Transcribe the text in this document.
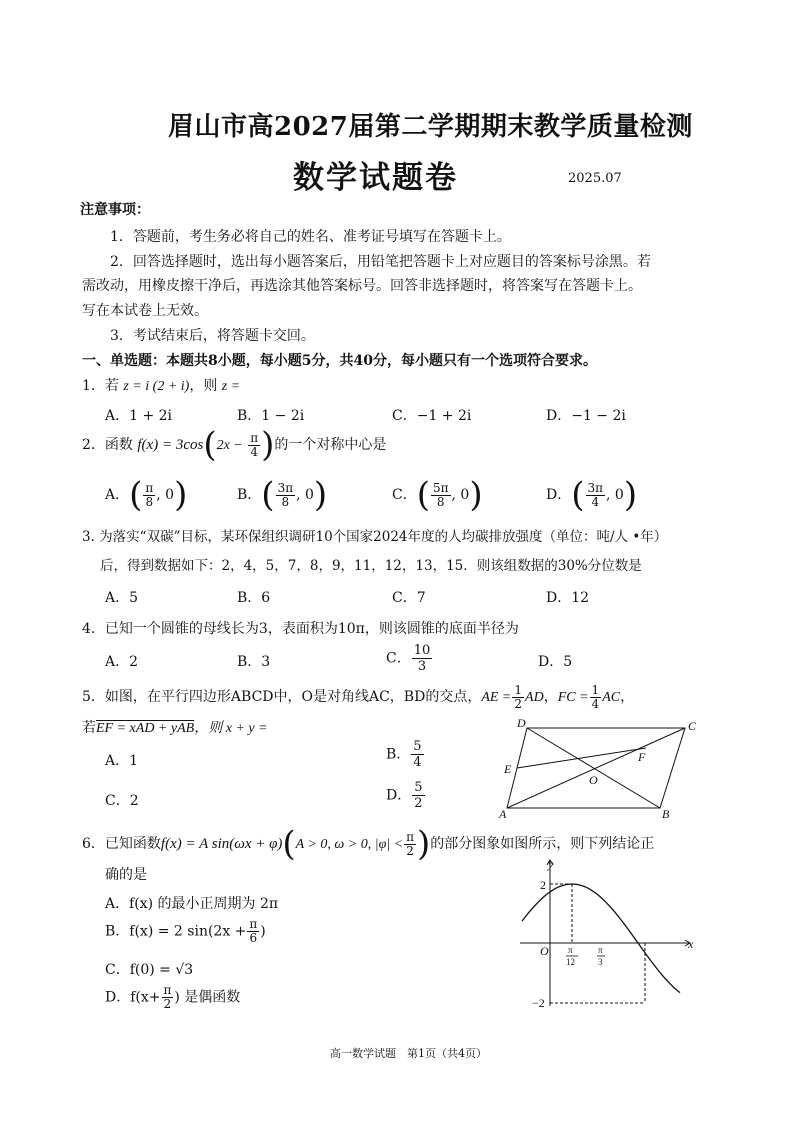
眉山市高2027届第二学期期末教学质量检测
数学试题卷	2025.07
注意事项：
1．答题前，考生务必将自己的姓名、准考证号填写在答题卡上。
2．回答选择题时，选出每小题答案后，用铅笔把答题卡上对应题目的答案标号涂黑。若
需改动，用橡皮擦干净后，再选涂其他答案标号。回答非选择题时，将答案写在答题卡上。
写在本试卷上无效。
3．考试结束后，将答题卡交回。
一、单选题：本题共8小题，每小题5分，共40分，每小题只有一个选项符合要求。
1．若 z = i (2 + i)，则 z =
A．1 + 2i	B．1 − 2i	C．−1 + 2i	D．−1 − 2i
2．函数 $f(x) = 3\cos(2x - \frac{\pi}{4}$ )的一个对称中心是
A．( $\frac{\pi}{8}$ , 0)	B．( $\frac{3\pi}{8}$ , 0)	C．( $\frac{5\pi}{8}$ , 0)	D．( $\frac{3\pi}{4}$ , 0)
3. 为落实“双碳”目标，某环保组织调研10个国家2024年度的人均碳排放强度（单位：吨/人 •年）
后，得到数据如下：2，4，5，7，8，9，11，12，13，15．则该组数据的30%分位数是
A．5	B．6	C．7	D．12
4．已知一个圆锥的母线长为3，表面积为10π，则该圆锥的底面半径为
A．2	B．3	C． $\frac{10}{3}$	D．5
5．如图，在平行四边形ABCD中，O是对角线AC，BD的交点，AE = $\frac{1}{2}$ AD，FC = $\frac{1}{4}$ AC，
若EF = xAD + yAB，则 x + y =
A．1	B． $\frac{5}{4}$
C．2	D． $\frac{5}{2}$
D	C
A	B
E
F
O
6．已知函数f(x) = A sin(ωx + φ)(A > 0, ω > 0, $|\varphi| < \frac{\pi}{2}$ )的部分图象如图所示，则下列结论正
确的是
A．f(x) 的最小正周期为 2π
B．f(x) = 2 $\sin(2x + \frac{\pi}{6}$ )
C．f(0) = √3
D．$f(x+ \frac{\pi}{2}$ ) 是偶函数
y
x
O
2
−2
π
12
π
3
高一数学试题　第1页（共4页）
